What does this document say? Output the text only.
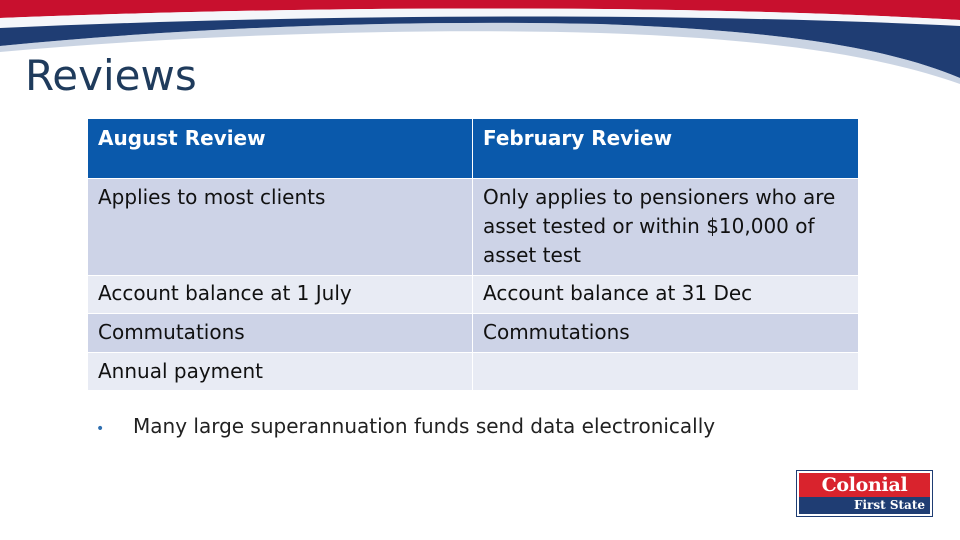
Reviews
August Review	February Review
Applies to most clients	Only applies to pensioners who are asset tested or within $10,000 of asset test
Account balance at 1 July	Account balance at 31 Dec
Commutations	Commutations
Annual payment	
•	Many large superannuation funds send data electronically
Colonial
First State
